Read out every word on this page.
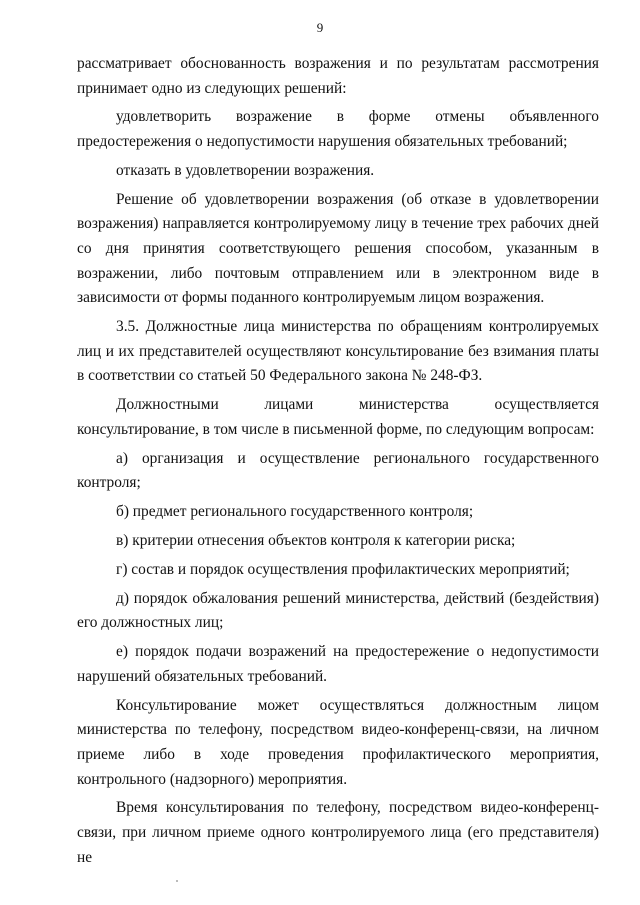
9

рассматривает обоснованность возражения и по результатам рассмотрения принимает одно из следующих решений:

удовлетворить возражение в форме отмены объявленного предостережения о недопустимости нарушения обязательных требований;

отказать в удовлетворении возражения.

Решение об удовлетворении возражения (об отказе в удовлетворении возражения) направляется контролируемому лицу в течение трех рабочих дней со дня принятия соответствующего решения способом, указанным в возражении, либо почтовым отправлением или в электронном виде в зависимости от формы поданного контролируемым лицом возражения.

3.5. Должностные лица министерства по обращениям контролируемых лиц и их представителей осуществляют консультирование без взимания платы в соответствии со статьей 50 Федерального закона № 248-ФЗ.

Должностными лицами министерства осуществляется консультирование, в том числе в письменной форме, по следующим вопросам:

а) организация и осуществление регионального государственного контроля;

б) предмет регионального государственного контроля;

в) критерии отнесения объектов контроля к категории риска;

г) состав и порядок осуществления профилактических мероприятий;

д) порядок обжалования решений министерства, действий (бездействия) его должностных лиц;

е) порядок подачи возражений на предостережение о недопустимости нарушений обязательных требований.

Консультирование может осуществляться должностным лицом министерства по телефону, посредством видео-конференц-связи, на личном приеме либо в ходе проведения профилактического мероприятия, контрольного (надзорного) мероприятия.

Время консультирования по телефону, посредством видео-конференц-связи, при личном приеме одного контролируемого лица (его представителя) не
